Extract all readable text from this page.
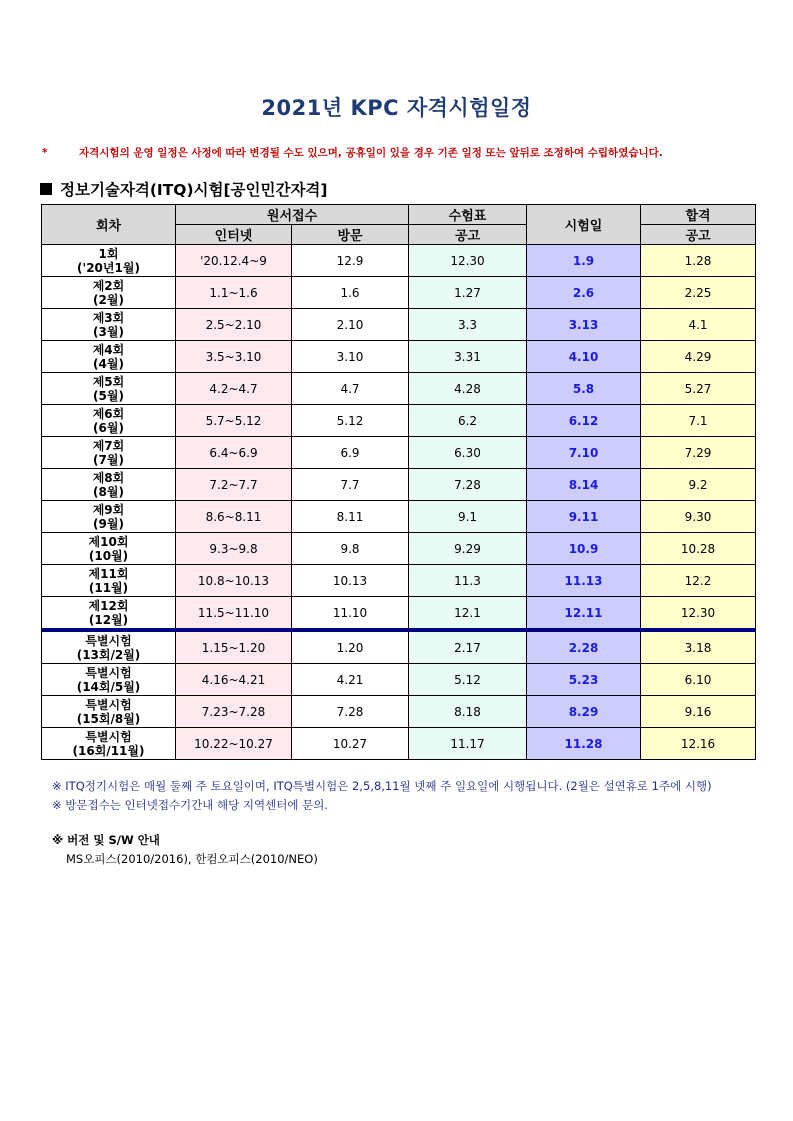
2021년 KPC 자격시험일정
*	자격시험의 운영 일정은 사정에 따라 변경될 수도 있으며, 공휴일이 있을 경우 기존 일정 또는 앞뒤로 조정하여 수립하였습니다.
정보기술자격(ITQ)시험[공인민간자격]
회차	원서접수		수험표	시험일	합격
	인터넷	방문	공고		공고

1회
('20년1월)	'20.12.4~9	12.9	12.30	1.9	1.28

제2회
(2월)	1.1~1.6	1.6	1.27	2.6	2.25

제3회
(3월)	2.5~2.10	2.10	3.3	3.13	4.1

제4회
(4월)	3.5~3.10	3.10	3.31	4.10	4.29

제5회
(5월)	4.2~4.7	4.7	4.28	5.8	5.27

제6회
(6월)	5.7~5.12	5.12	6.2	6.12	7.1

제7회
(7월)	6.4~6.9	6.9	6.30	7.10	7.29

제8회
(8월)	7.2~7.7	7.7	7.28	8.14	9.2

제9회
(9월)	8.6~8.11	8.11	9.1	9.11	9.30

제10회
(10월)	9.3~9.8	9.8	9.29	10.9	10.28

제11회
(11월)	10.8~10.13	10.13	11.3	11.13	12.2

제12회
(12월)	11.5~11.10	11.10	12.1	12.11	12.30

특별시험
(13회/2월)	1.15~1.20	1.20	2.17	2.28	3.18

특별시험
(14회/5월)	4.16~4.21	4.21	5.12	5.23	6.10

특별시험
(15회/8월)	7.23~7.28	7.28	8.18	8.29	9.16

특별시험
(16회/11월)	10.22~10.27	10.27	11.17	11.28	12.16
※ ITQ정기시험은 매월 둘째 주 토요일이며, ITQ특별시험은 2,5,8,11월 넷째 주 일요일에 시행됩니다. (2월은 설연휴로 1주에 시행)
※ 방문접수는 인터넷접수기간내 해당 지역센터에 문의.
※ 버전 및 S/W 안내
MS오피스(2010/2016), 한컴오피스(2010/NEO)
